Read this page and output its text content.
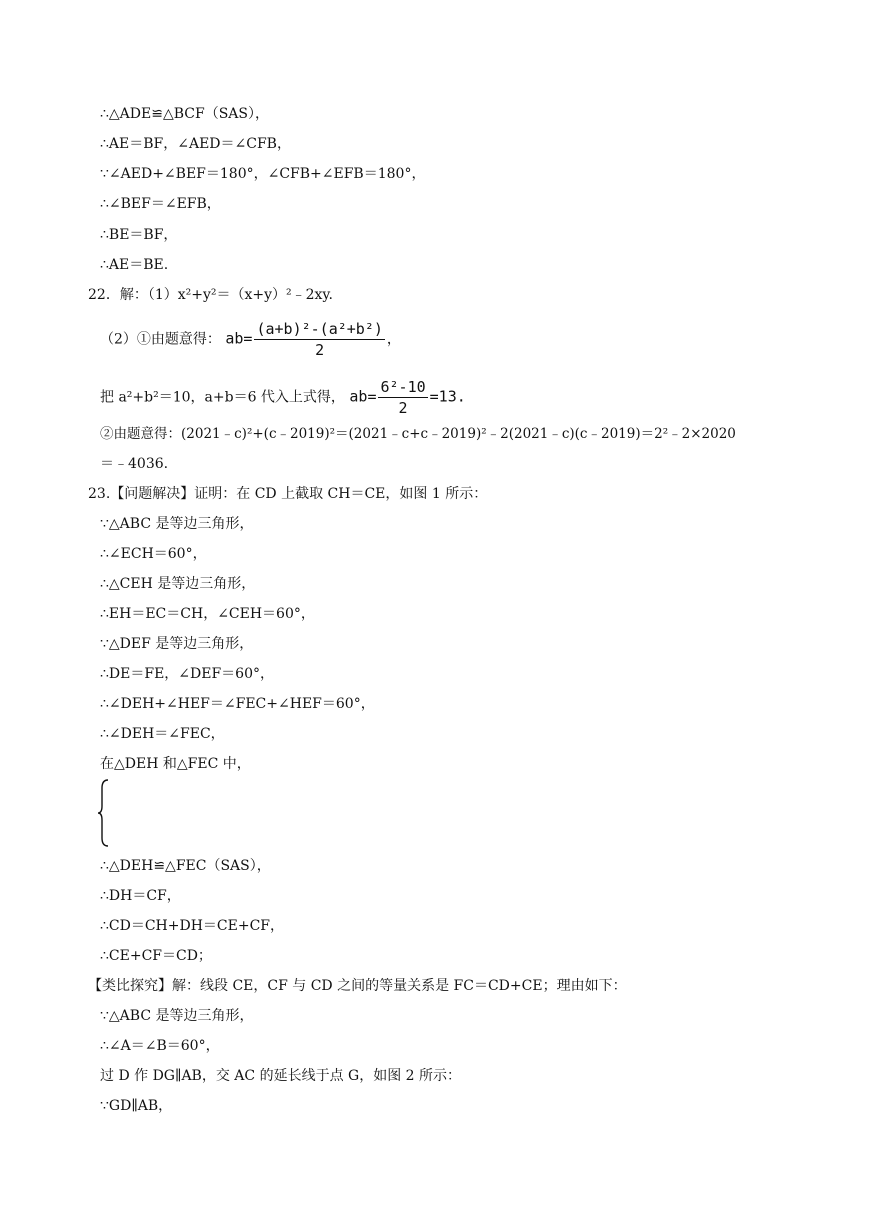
∴△ADE≌△BCF（SAS），
∴AE＝BF，∠AED＝∠CFB，
∵∠AED+∠BEF＝180°，∠CFB+∠EFB＝180°，
∴∠BEF＝∠EFB，
∴BE＝BF，
∴AE＝BE.
22．解：（1）x²+y²＝（x+y）²﹣2xy.
（2）①由题意得： $ab= \frac{\text{(a+b)²-(a²+b²)}}{2}$ ，
把 a²+b²＝10，a+b＝6 代入上式得， $ab= \frac{\text{6²-10}}{2} =13$.
②由题意得：(2021﹣c)²+(c﹣2019)²＝(2021﹣c+c﹣2019)²﹣2(2021﹣c)(c﹣2019)＝2²﹣2×2020
＝﹣4036.
23.【问题解决】证明：在 CD 上截取 CH＝CE，如图 1 所示：
∵△ABC 是等边三角形，
∴∠ECH＝60°，
∴△CEH 是等边三角形，
∴EH＝EC＝CH，∠CEH＝60°，
∵△DEF 是等边三角形，
∴DE＝FE，∠DEF＝60°，
∴∠DEH+∠HEF＝∠FEC+∠HEF＝60°，
∴∠DEH＝∠FEC，
在△DEH 和△FEC 中，
∴△DEH≌△FEC（SAS），
∴DH＝CF，
∴CD＝CH+DH＝CE+CF，
∴CE+CF＝CD；
【类比探究】解：线段 CE，CF 与 CD 之间的等量关系是 FC＝CD+CE；理由如下：
∵△ABC 是等边三角形，
∴∠A＝∠B＝60°，
过 D 作 DG∥AB，交 AC 的延长线于点 G，如图 2 所示：
∵GD∥AB，
